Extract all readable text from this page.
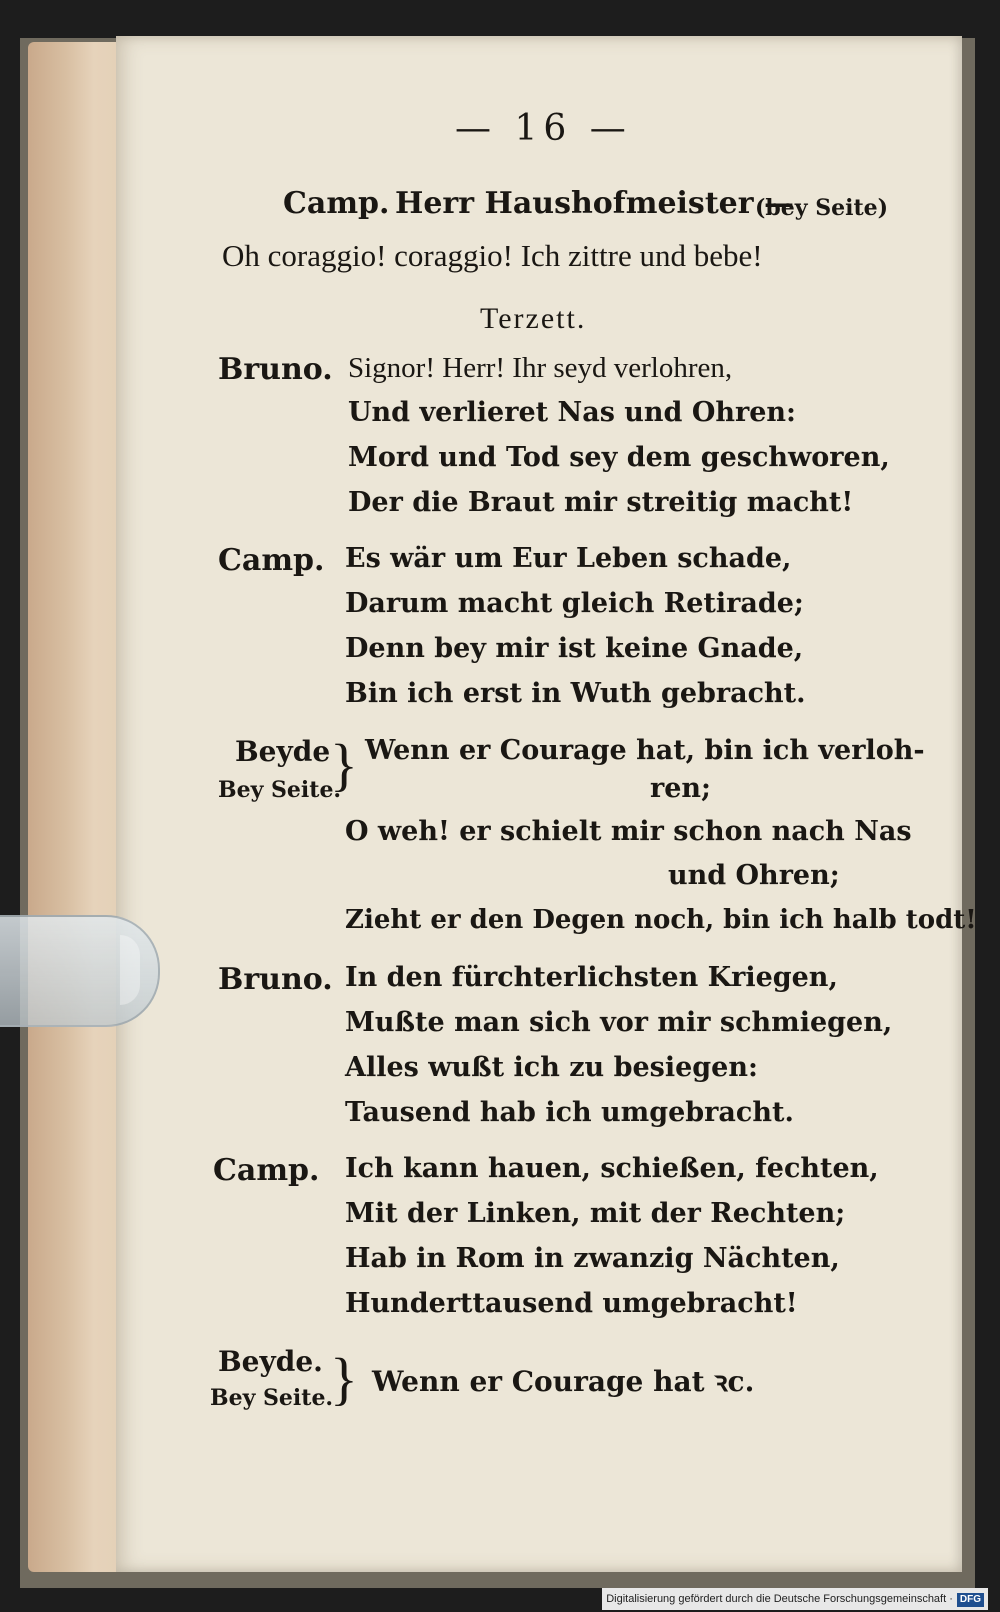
— 16 —
Camp. Herr Haushofmeister —
(bey Seite)
Oh coraggio! coraggio! Ich zittre und bebe!
Terzett.
Bruno. Signor! Herr! Ihr seyd verlohren,
Und verlieret Nas und Ohren:
Mord und Tod sey dem geschworen,
Der die Braut mir streitig macht!
Camp. Es wär um Eur Leben schade,
Darum macht gleich Retirade;
Denn bey mir ist keine Gnade,
Bin ich erst in Wuth gebracht.
Beyde
Bey Seite.
} Wenn er Courage hat, bin ich verloh-
ren;
O weh! er schielt mir schon nach Nas
und Ohren;
Zieht er den Degen noch, bin ich halb todt!
Bruno. In den fürchterlichsten Kriegen,
Mußte man sich vor mir schmiegen,
Alles wußt ich zu besiegen:
Tausend hab ich umgebracht.
Camp. Ich kann hauen, schießen, fechten,
Mit der Linken, mit der Rechten;
Hab in Rom in zwanzig Nächten,
Hunderttausend umgebracht!
Beyde.
Bey Seite.
} Wenn er Courage hat ꝛc.
Digitalisierung gefördert durch die Deutsche Forschungsgemeinschaft · DFG
